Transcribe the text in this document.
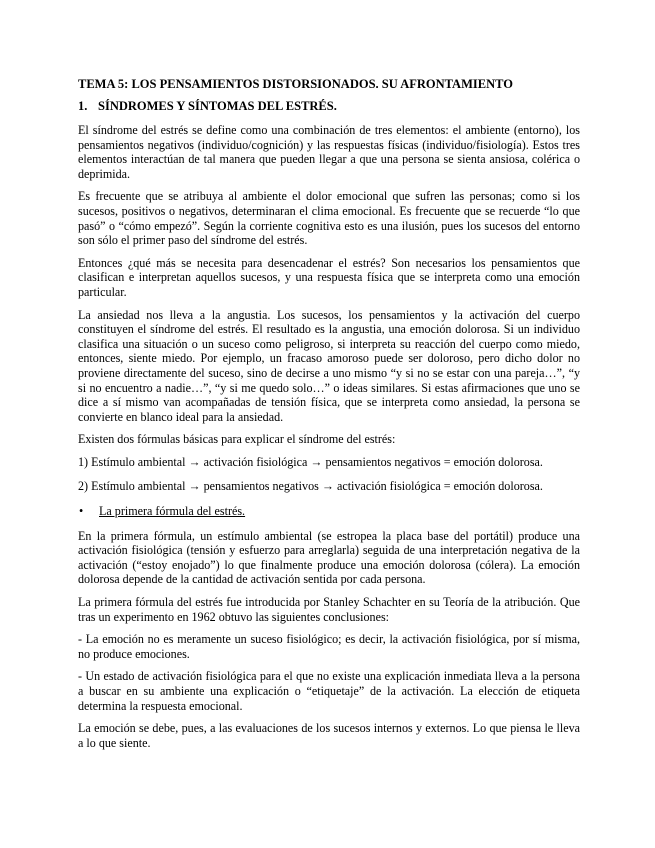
TEMA 5: LOS PENSAMIENTOS DISTORSIONADOS. SU AFRONTAMIENTO
1. SÍNDROMES Y SÍNTOMAS DEL ESTRÉS.

El síndrome del estrés se define como una combinación de tres elementos: el ambiente (entorno), los pensamientos negativos (individuo/cognición) y las respuestas físicas (individuo/fisiología). Estos tres elementos interactúan de tal manera que pueden llegar a que una persona se sienta ansiosa, colérica o deprimida.

Es frecuente que se atribuya al ambiente el dolor emocional que sufren las personas; como si los sucesos, positivos o negativos, determinaran el clima emocional. Es frecuente que se recuerde “lo que pasó” o “cómo empezó”. Según la corriente cognitiva esto es una ilusión, pues los sucesos del entorno son sólo el primer paso del síndrome del estrés.

Entonces ¿qué más se necesita para desencadenar el estrés? Son necesarios los pensamientos que clasifican e interpretan aquellos sucesos, y una respuesta física que se interpreta como una emoción particular.

La ansiedad nos lleva a la angustia. Los sucesos, los pensamientos y la activación del cuerpo constituyen el síndrome del estrés. El resultado es la angustia, una emoción dolorosa. Si un individuo clasifica una situación o un suceso como peligroso, si interpreta su reacción del cuerpo como miedo, entonces, siente miedo. Por ejemplo, un fracaso amoroso puede ser doloroso, pero dicho dolor no proviene directamente del suceso, sino de decirse a uno mismo “y si no se estar con una pareja…”, “y si no encuentro a nadie…”, “y si me quedo solo…” o ideas similares. Si estas afirmaciones que uno se dice a sí mismo van acompañadas de tensión física, que se interpreta como ansiedad, la persona se convierte en blanco ideal para la ansiedad.

Existen dos fórmulas básicas para explicar el síndrome del estrés:

1) Estímulo ambiental → activación fisiológica → pensamientos negativos = emoción dolorosa.

2) Estímulo ambiental → pensamientos negativos → activación fisiológica = emoción dolorosa.

• La primera fórmula del estrés.

En la primera fórmula, un estímulo ambiental (se estropea la placa base del portátil) produce una activación fisiológica (tensión y esfuerzo para arreglarla) seguida de una interpretación negativa de la activación (“estoy enojado”) lo que finalmente produce una emoción dolorosa (cólera). La emoción dolorosa depende de la cantidad de activación sentida por cada persona.

La primera fórmula del estrés fue introducida por Stanley Schachter en su Teoría de la atribución. Que tras un experimento en 1962 obtuvo las siguientes conclusiones:

- La emoción no es meramente un suceso fisiológico; es decir, la activación fisiológica, por sí misma, no produce emociones.

- Un estado de activación fisiológica para el que no existe una explicación inmediata lleva a la persona a buscar en su ambiente una explicación o “etiquetaje” de la activación. La elección de etiqueta determina la respuesta emocional.

La emoción se debe, pues, a las evaluaciones de los sucesos internos y externos. Lo que piensa le lleva a lo que siente.
